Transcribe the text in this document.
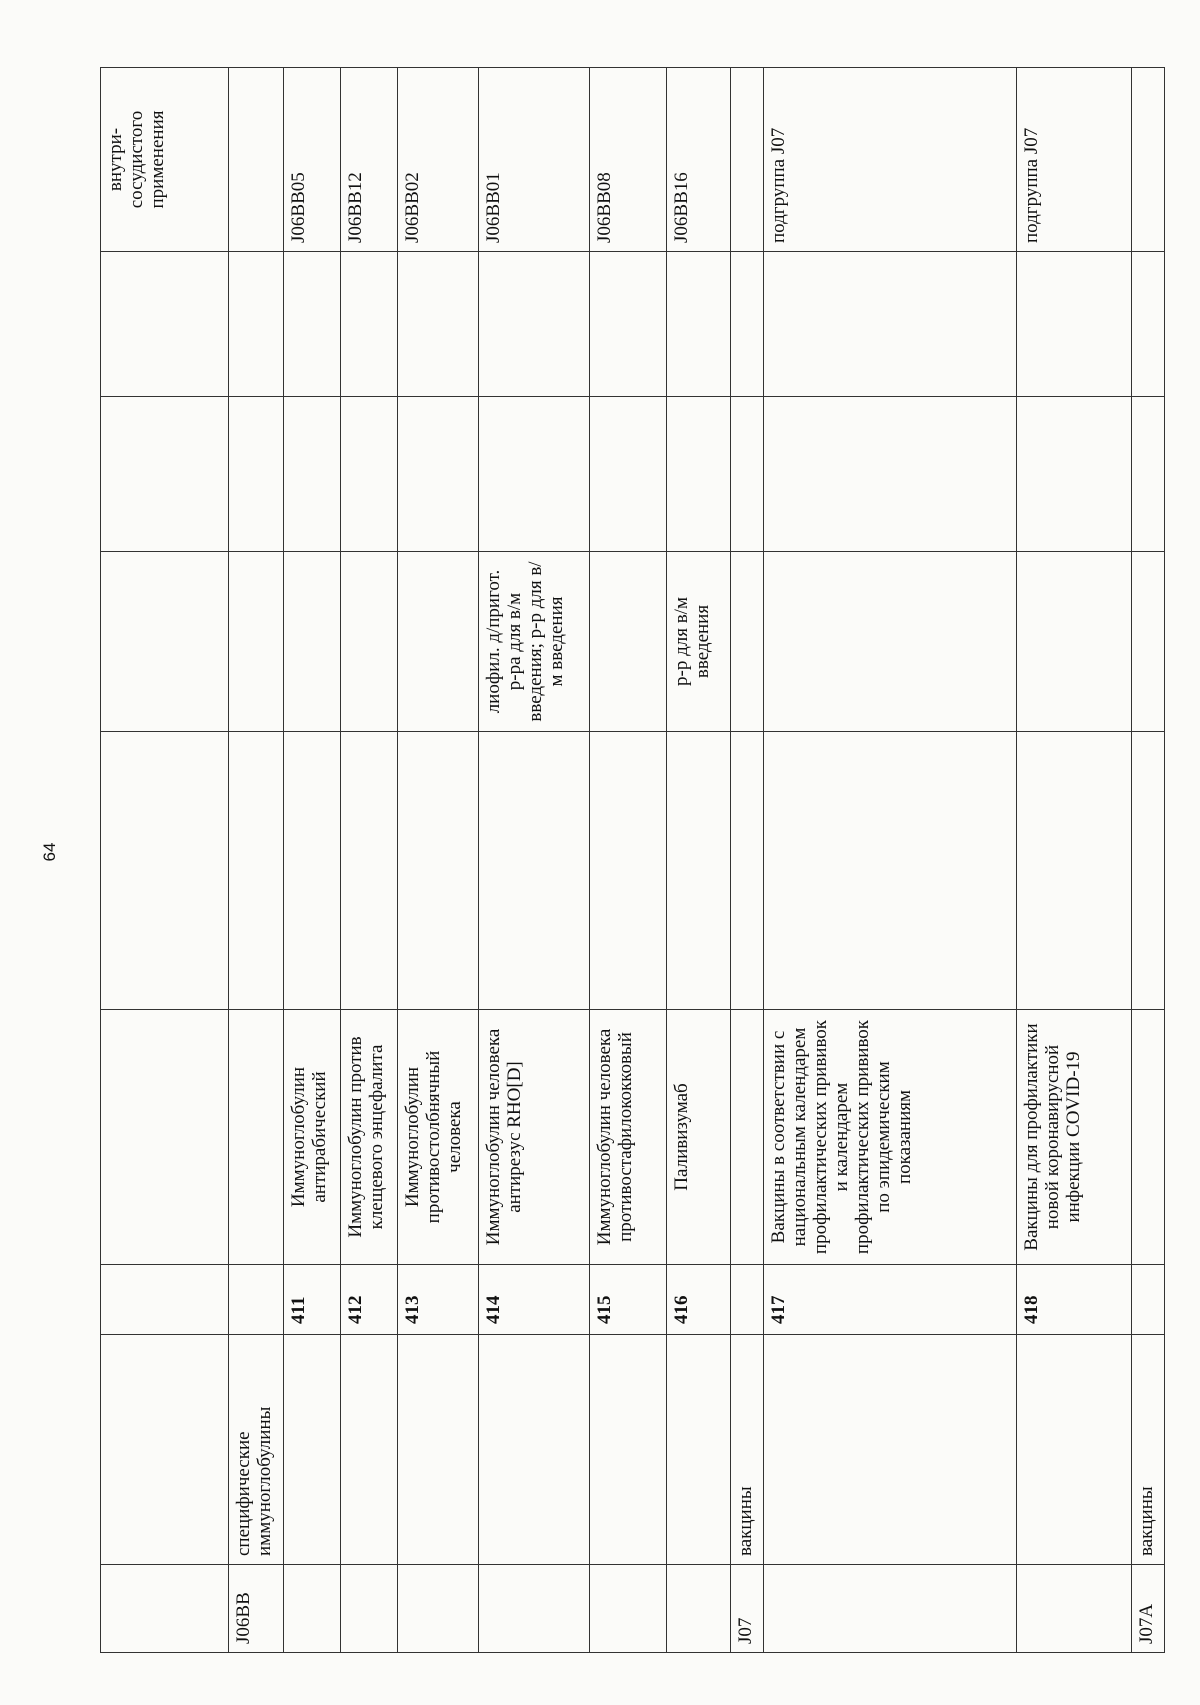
64
								внутри-
сосудистого
применения
J06BB	специфические иммуноглобулины							
		411	Иммуноглобулин антирабический					J06BB05
		412	Иммуноглобулин против клещевого энцефалита					J06BB12
		413	Иммуноглобулин противостолбнячный человека					J06BB02
		414	Иммуноглобулин человека антирезус RHO[D]		лиофил. д/пригот. р-ра для в/м введения; р-р для в/м введения			J06BB01
		415	Иммуноглобулин человека противостафилококковый					J06BB08
		416	Паливизумаб		р-р для в/м введения			J06BB16
J07	вакцины							
		417	Вакцины в соответствии с национальным календарем профилактических прививок и календарем профилактических прививок по эпидемическим показаниям					подгруппа J07
		418	Вакцины для профилактики новой коронавирусной инфекции COVID-19					подгруппа J07
J07A	вакцины							
